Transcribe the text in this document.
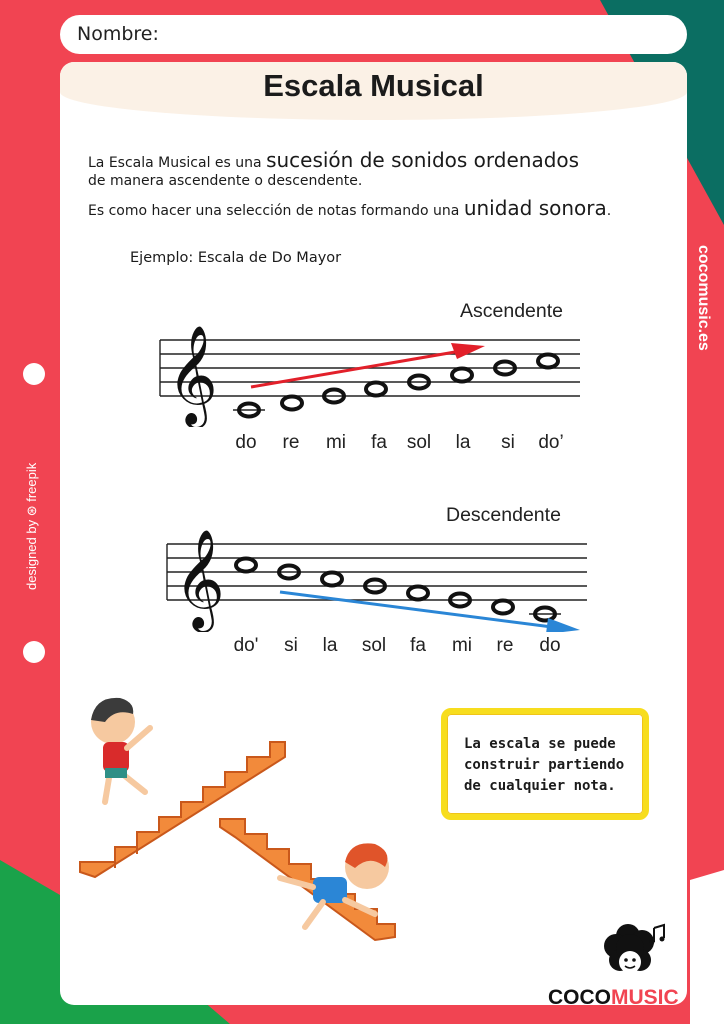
designed by ⊛ freepik
cocomusic.es
Nombre:
Escala Musical
La Escala Musical es una sucesión de sonidos ordenados
de manera ascendente o descendente.
Es como hacer una selección de notas formando una unidad sonora.
Ejemplo: Escala de Do Mayor
Ascendente
𝄞
do	re	mi	fa	sol	la	si	do’
Descendente
𝄞
do'	si	la	sol	fa	mi	re	do
La escala se puede
construir partiendo
de cualquier nota.
COCOMUSIC
